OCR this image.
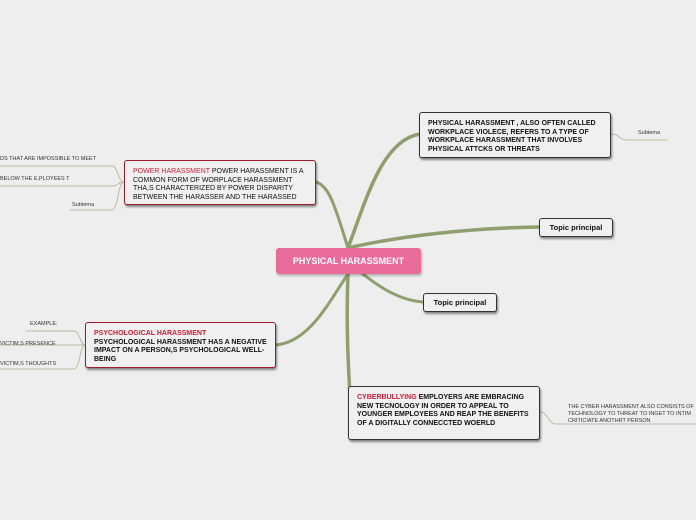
PHYSICAL HARASSMENT
PHYSICAL HARASSMENT , ALSO OFTEN CALLED WORKPLACE VIOLECE, REFERS TO A TYPE OF WORKPLACE HARASSMENT THAT INVOLVES PHYSICAL ATTCKS OR THREATS
Subtema
Topic principal
Topic principal
POWER HARASSMENT POWER HARASSMENT IS A COMMON FORM OF WORPLACE HARASSMENT THA,S CHARACTERIZED BY POWER DISPARITY BETWEEN THE HARASSER AND THE HARASSED
DS THAT ARE IMPOSSIBLE TO MEET
BELOW THE E,PLOYEES T
Subtema
PSYCHOLOGICAL HARASSMENT
PSYCHOLOGICAL HARASSMENT HAS A NEGATIVE IMPACT ON A PERSON,S PSYCHOLOGICAL WELL- BEING
EXAMPLE:
VICTIM,S PRESENCE
VICTIM,S THOUGHTS
CYBERBULLYING EMPLOYERS ARE EMBRACING NEW TECNOLOGY IN ORDER TO APPEAL TO YOUNGER EMPLOYEES AND REAP THE BENEFITS OF A DIGITALLY CONNECCTED WOERLD
THE CYBER HARASSMENT ALSO CONSISTS OF
TECHNOLOGY TO THREAT TO INGET TO INTIM
CRITICIATE ANOTHRT PERSON
